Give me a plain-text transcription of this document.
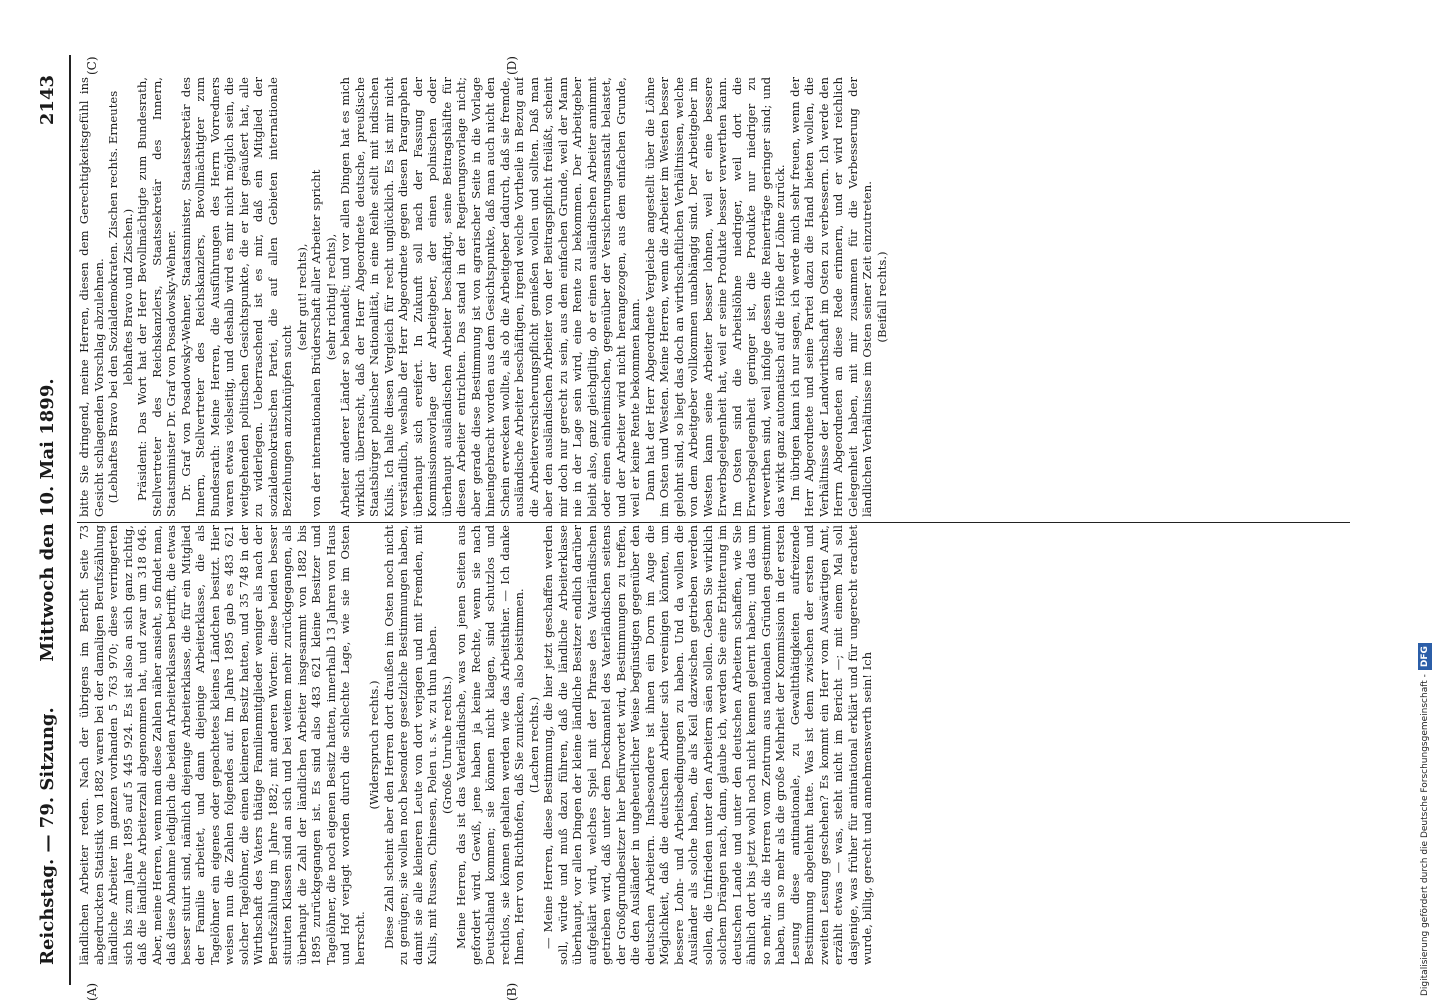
Reichstag. — 79. Sitzung.
Mittwoch den 10. Mai 1899.
2143

ländlichen Arbeiter reden. Nach der übrigens im Bericht Seite 73 abgedruckten Statistik von 1882 waren bei der damaligen Berufszählung ländliche Arbeiter im ganzen vorhanden 5 763 970; diese verringerten sich bis zum Jahre 1895 auf 5 445 924. Es ist also an sich ganz richtig, daß die ländliche Arbeiterzahl abgenommen hat, und zwar um 318 046. Aber, meine Herren, wenn man diese Zahlen näher ansieht, so findet man, daß diese Abnahme lediglich die beiden Arbeiterklassen betrifft, die etwas besser situirt sind, nämlich diejenige Arbeiterklasse, die für ein Mitglied der Familie arbeitet, und dann diejenige Arbeiterklasse, die als Tagelöhner ein eigenes oder gepachtetes kleines Ländchen besitzt. Hier weisen nun die Zahlen folgendes auf. Im Jahre 1895 gab es 483 621 solcher Tagelöhner, die einen kleineren Besitz hatten, und 35 748 in der Wirthschaft des Vaters thätige Familienmitglieder weniger als nach der Berufszählung im Jahre 1882; mit anderen Worten: diese beiden besser situirten Klassen sind an sich und bei weitem mehr zurückgegangen, als überhaupt die Zahl der ländlichen Arbeiter insgesammt von 1882 bis 1895 zurückgegangen ist. Es sind also 483 621 kleine Besitzer und Tagelöhner, die noch eigenen Besitz hatten, innerhalb 13 Jahren von Haus und Hof verjagt worden durch die schlechte Lage, wie sie im Osten herrscht.

(Widerspruch rechts.) Diese Zahl scheint aber den Herren dort draußen im Osten noch nicht zu genügen; sie wollen noch besondere gesetzliche Bestimmungen haben, damit sie alle kleineren Leute von dort verjagen und mit Fremden, mit Kulis, mit Russen, Chinesen, Polen u. s. w. zu thun haben. (Große Unruhe rechts.) Meine Herren, das ist das Vaterländische, was von jenen Seiten aus gefordert wird. Gewiß, jene haben ja keine Rechte, wenn sie nach Deutschland kommen; sie können nicht klagen, sind schutzlos und rechtlos, sie können gehalten werden wie das Arbeitsthier. — Ich danke Ihnen, Herr von Richthofen, daß Sie zunicken, also beistimmen. (Lachen rechts.) — Meine Herren, diese Bestimmung, die hier jetzt geschaffen werden soll, würde und muß dazu führen, daß die ländliche Arbeiterklasse überhaupt, vor allen Dingen der kleine ländliche Besitzer endlich darüber aufgeklärt wird, welches Spiel mit der Phrase des Vaterländischen getrieben wird, daß unter dem Deckmantel des Vaterländischen seitens der Großgrundbesitzer hier befürwortet wird, Bestimmungen zu treffen, die den Ausländer in ungeheuerlicher Weise begünstigen gegenüber den deutschen Arbeitern. Insbesondere ist ihnen ein Dorn im Auge die Möglichkeit, daß die deutschen Arbeiter sich vereinigen könnten, um bessere Lohn- und Arbeitsbedingungen zu haben. Und da wollen die Ausländer als solche haben, die als Keil dazwischen getrieben werden sollen, die Unfrieden unter den Arbeitern säen sollen. Geben Sie wirklich solchem Drängen nach, dann, glaube ich, werden Sie eine Erbitterung im deutschen Lande und unter den deutschen Arbeitern schaffen, wie Sie ähnlich dort bis jetzt wohl noch nicht kennen gelernt haben; und das um so mehr, als die Herren vom Zentrum aus nationalen Gründen gestimmt haben, um so mehr als die große Mehrheit der Kommission in der ersten Lesung diese antinationale, zu Gewaltthätigkeiten aufreizende Bestimmung abgelehnt hatte. Was ist denn zwischen der ersten und zweiten Lesung geschehen? Es kommt ein Herr vom Auswärtigen Amt, erzählt etwas — was, steht nicht im Bericht —; mit einem Mal soll dasjenige, was früher für antinational erklärt und für ungerecht erachtet wurde, billig, gerecht und annehmenswerth sein! Ich

bitte Sie dringend, meine Herren, diesen dem Gerechtigkeitsgefühl ins Gesicht schlagenden Vorschlag abzulehnen. (Lebhaftes Bravo bei den Sozialdemokraten. Zischen rechts. Erneutes lebhaftes Bravo und Zischen.) Präsident: Das Wort hat der Herr Bevollmächtigte zum Bundesrath, Stellvertreter des Reichskanzlers, Staatssekretär des Innern, Staatsminister Dr. Graf von Posadowsky-Wehner. Dr. Graf von Posadowsky-Wehner, Staatsminister, Staatssekretär des Innern, Stellvertreter des Reichskanzlers, Bevollmächtigter zum Bundesrath: Meine Herren, die Ausführungen des Herrn Vorredners waren etwas vielseitig, und deshalb wird es mir nicht möglich sein, die weitgehenden politischen Gesichtspunkte, die er hier geäußert hat, alle zu widerlegen. Ueberraschend ist es mir, daß ein Mitglied der sozialdemokratischen Partei, die auf allen Gebieten internationale Beziehungen anzuknüpfen sucht

(sehr gut! rechts), von der internationalen Brüderschaft aller Arbeiter spricht (sehr richtig! rechts), Arbeiter anderer Länder so behandelt; und vor allen Dingen hat es mich wirklich überrascht, daß der Herr Abgeordnete deutsche, preußische Staatsbürger polnischer Nationalität, in eine Reihe stellt mit indischen Kulis. Ich halte diesen Vergleich für recht unglücklich. Es ist mir nicht verständlich, weshalb der Herr Abgeordnete gegen diesen Paragraphen überhaupt sich ereifert. In Zukunft soll nach der Fassung der Kommissionsvorlage der Arbeitgeber, der einen polnischen oder überhaupt ausländischen Arbeiter beschäftigt, seine Beitragshälfte für diesen Arbeiter entrichten. Das stand in der Regierungsvorlage nicht; aber gerade diese Bestimmung ist von agrarischer Seite in die Vorlage hineingebracht worden aus dem Gesichtspunkte, daß man auch nicht den Schein erwecken wollte, als ob die Arbeitgeber dadurch, daß sie fremde, ausländische Arbeiter beschäftigen, irgend welche Vortheile in Bezug auf die Arbeiterversicherungspflicht genießen wollen und sollten. Daß man aber den ausländischen Arbeiter von der Beitragspflicht freiläßt, scheint mir doch nur gerecht zu sein, aus dem einfachen Grunde, weil der Mann nie in der Lage sein wird, eine Rente zu bekommen. Der Arbeitgeber bleibt also, ganz gleichgiltig, ob er einen ausländischen Arbeiter annimmt oder einen einheimischen, gegenüber der Versicherungsanstalt belastet, und der Arbeiter wird nicht herangezogen, aus dem einfachen Grunde, weil er keine Rente bekommen kann. Dann hat der Herr Abgeordnete Vergleiche angestellt über die Löhne im Osten und Westen. Meine Herren, wenn die Arbeiter im Westen besser gelohnt sind, so liegt das doch an wirthschaftlichen Verhältnissen, welche von dem Arbeitgeber vollkommen unabhängig sind. Der Arbeitgeber im Westen kann seine Arbeiter besser lohnen, weil er eine bessere Erwerbsgelegenheit hat, weil er seine Produkte besser verwerthen kann. Im Osten sind die Arbeitslöhne niedriger, weil dort die Erwerbsgelegenheit geringer ist, die Produkte nur niedriger zu verwerthen sind, weil infolge dessen die Reinerträge geringer sind; und das wirkt ganz automatisch auf die Höhe der Löhne zurück. Im übrigen kann ich nur sagen, ich werde mich sehr freuen, wenn der Herr Abgeordnete und seine Partei dazu die Hand bieten wollen, die Verhältnisse der Landwirthschaft im Osten zu verbessern. Ich werde den Herrn Abgeordneten an diese Rede erinnern, und er wird reichlich Gelegenheit haben, mit mir zusammen für die Verbesserung der ländlichen Verhältnisse im Osten seiner Zeit einzutreten. (Beifall rechts.)

(A)	(B)
(C)	(D)
Digitalisierung gefördert durch die Deutsche Forschungsgemeinschaft -DFG
